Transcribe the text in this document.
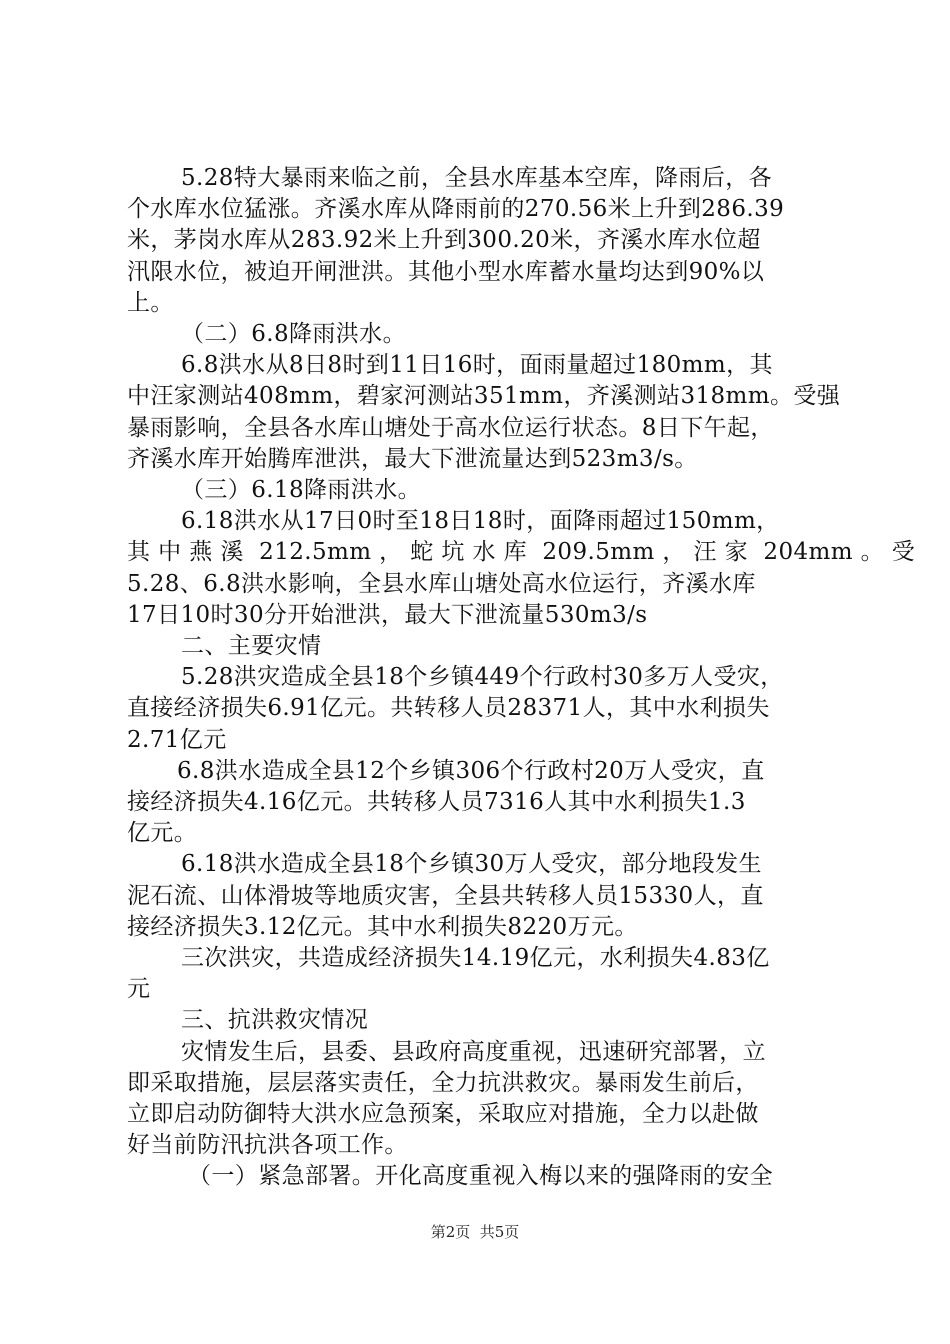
5.28特大暴雨来临之前，全县水库基本空库，降雨后，各
个水库水位猛涨。齐溪水库从降雨前的270.56米上升到286.39
米，茅岗水库从283.92米上升到300.20米，齐溪水库水位超
汛限水位，被迫开闸泄洪。其他小型水库蓄水量均达到90%以
上。
（二）6.8降雨洪水。
6.8洪水从8日8时到11日16时，面雨量超过180mm，其
中汪家测站408mm，碧家河测站351mm，齐溪测站318mm。受强
暴雨影响，全县各水库山塘处于高水位运行状态。8日下午起，
齐溪水库开始腾库泄洪，最大下泄流量达到523m3/s。
（三）6.18降雨洪水。
6.18洪水从17日0时至18日18时，面降雨超过150mm，
其 中 燕 溪  212.5mm ， 蛇 坑 水 库  209.5mm ， 汪 家  204mm 。 受
5.28、6.8洪水影响，全县水库山塘处高水位运行，齐溪水库
17日10时30分开始泄洪，最大下泄流量530m3/s
二、主要灾情
5.28洪灾造成全县18个乡镇449个行政村30多万人受灾，
直接经济损失6.91亿元。共转移人员28371人，其中水利损失
2.71亿元
6.8洪水造成全县12个乡镇306个行政村20万人受灾，直
接经济损失4.16亿元。共转移人员7316人其中水利损失1.3
亿元。
6.18洪水造成全县18个乡镇30万人受灾，部分地段发生
泥石流、山体滑坡等地质灾害，全县共转移人员15330人，直
接经济损失3.12亿元。其中水利损失8220万元。
三次洪灾，共造成经济损失14.19亿元，水利损失4.83亿
元
三、抗洪救灾情况
灾情发生后，县委、县政府高度重视，迅速研究部署，立
即采取措施，层层落实责任，全力抗洪救灾。暴雨发生前后，
立即启动防御特大洪水应急预案，采取应对措施，全力以赴做
好当前防汛抗洪各项工作。
（一）紧急部署。开化高度重视入梅以来的强降雨的安全
第2页  共5页
